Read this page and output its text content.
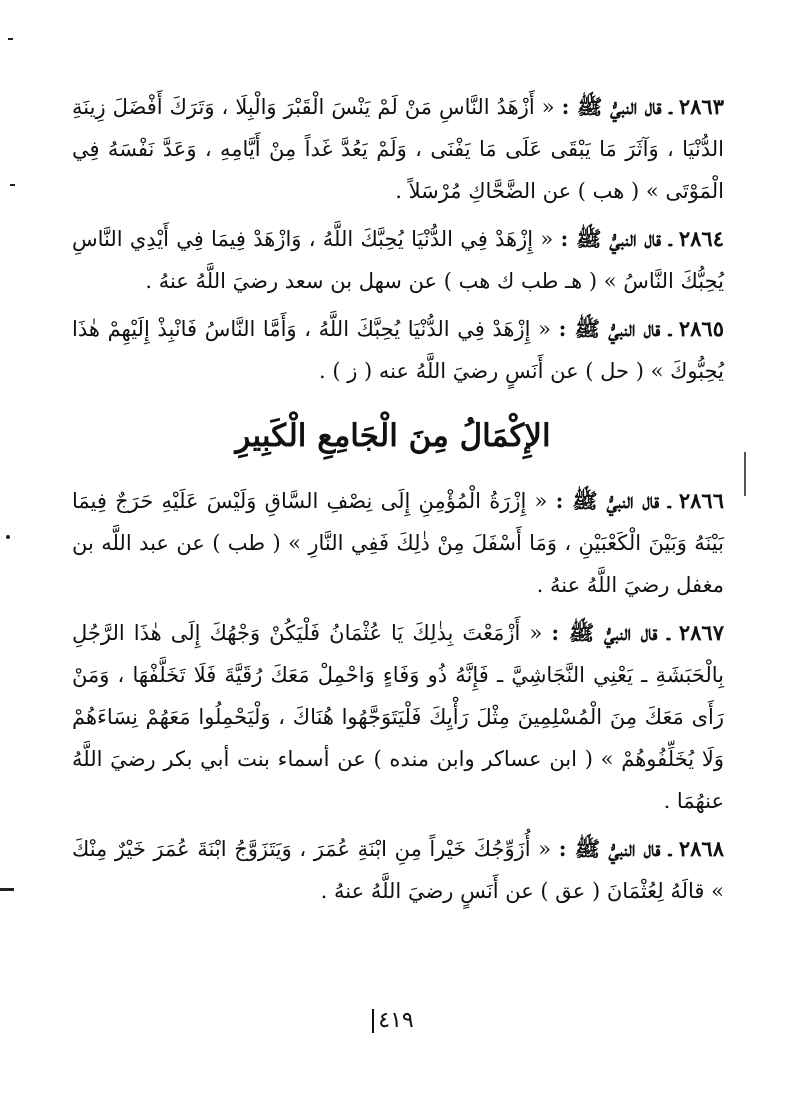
٢٨٦٣ ـ قال النبيُّ ﷺ : « أَزْهَدُ النَّاسِ مَنْ لَمْ يَنْسَ الْقَبْرَ وَالْبِلَا ، وَتَرَكَ أَفْضَلَ زِينَةِ الدُّنْيَا ، وَآثَرَ مَا يَبْقَى عَلَى مَا يَفْنَى ، وَلَمْ يَعُدَّ غَداً مِنْ أَيَّامِهِ ، وَعَدَّ نَفْسَهُ فِي الْمَوْتَى » ( هب ) عن الضَّحَّاكِ مُرْسَلاً .

٢٨٦٤ ـ قال النبيُّ ﷺ : « إِزْهَدْ فِي الدُّنْيَا يُحِبَّكَ اللَّهُ ، وَازْهَدْ فِيمَا فِي أَيْدِي النَّاسِ يُحِبُّكَ النَّاسُ » ( هـ طب ك هب ) عن سهل بن سعد رضيَ اللَّهُ عنهُ .

٢٨٦٥ ـ قال النبيُّ ﷺ : « إِزْهَدْ فِي الدُّنْيَا يُحِبَّكَ اللَّهُ ، وَأَمَّا النَّاسُ فَانْبِذْ إِلَيْهِمْ هٰذَا يُحِبُّوكَ » ( حل ) عن أَنَسٍ رضيَ اللَّهُ عنه ( ز ) .

الإِكْمَالُ مِنَ الْجَامِعِ الْكَبِيرِ

٢٨٦٦ ـ قال النبيُّ ﷺ : « إِزْرَةُ الْمُؤْمِنِ إِلَى نِصْفِ السَّاقِ وَلَيْسَ عَلَيْهِ حَرَجٌ فِيمَا بَيْنَهُ وَبَيْنَ الْكَعْبَيْنِ ، وَمَا أَسْفَلَ مِنْ ذٰلِكَ فَفِي النَّارِ » ( طب ) عن عبد اللَّه بن مغفل رضيَ اللَّهُ عنهُ .

٢٨٦٧ ـ قال النبيُّ ﷺ : « أَزْمَعْتَ بِذٰلِكَ يَا عُثْمَانُ فَلْيَكُنْ وَجْهُكَ إِلَى هٰذَا الرَّجُلِ بِالْحَبَشَةِ ـ يَعْنِي النَّجَاشِيَّ ـ فَإِنَّهُ ذُو وَفَاءٍ وَاحْمِلْ مَعَكَ رُقَيَّةَ فَلَا تَخَلَّفْهَا ، وَمَنْ رَأَى مَعَكَ مِنَ الْمُسْلِمِينَ مِثْلَ رَأْيِكَ فَلْيَتَوَجَّهُوا هُنَاكَ ، وَلْيَحْمِلُوا مَعَهُمْ نِسَاءَهُمْ وَلَا يُخَلِّفُوهُمْ » ( ابن عساكر وابن منده ) عن أسماء بنت أبي بكر رضيَ اللَّهُ عنهُمَا .

٢٨٦٨ ـ قال النبيُّ ﷺ : « أُزَوِّجُكَ خَيْراً مِنِ ابْنَةِ عُمَرَ ، وَيَتَزَوَّجُ ابْنَةَ عُمَرَ خَيْرٌ مِنْكَ » قالَهُ لِعُثْمَانَ ( عق ) عن أَنَسٍ رضيَ اللَّهُ عنهُ .

٤١٩
